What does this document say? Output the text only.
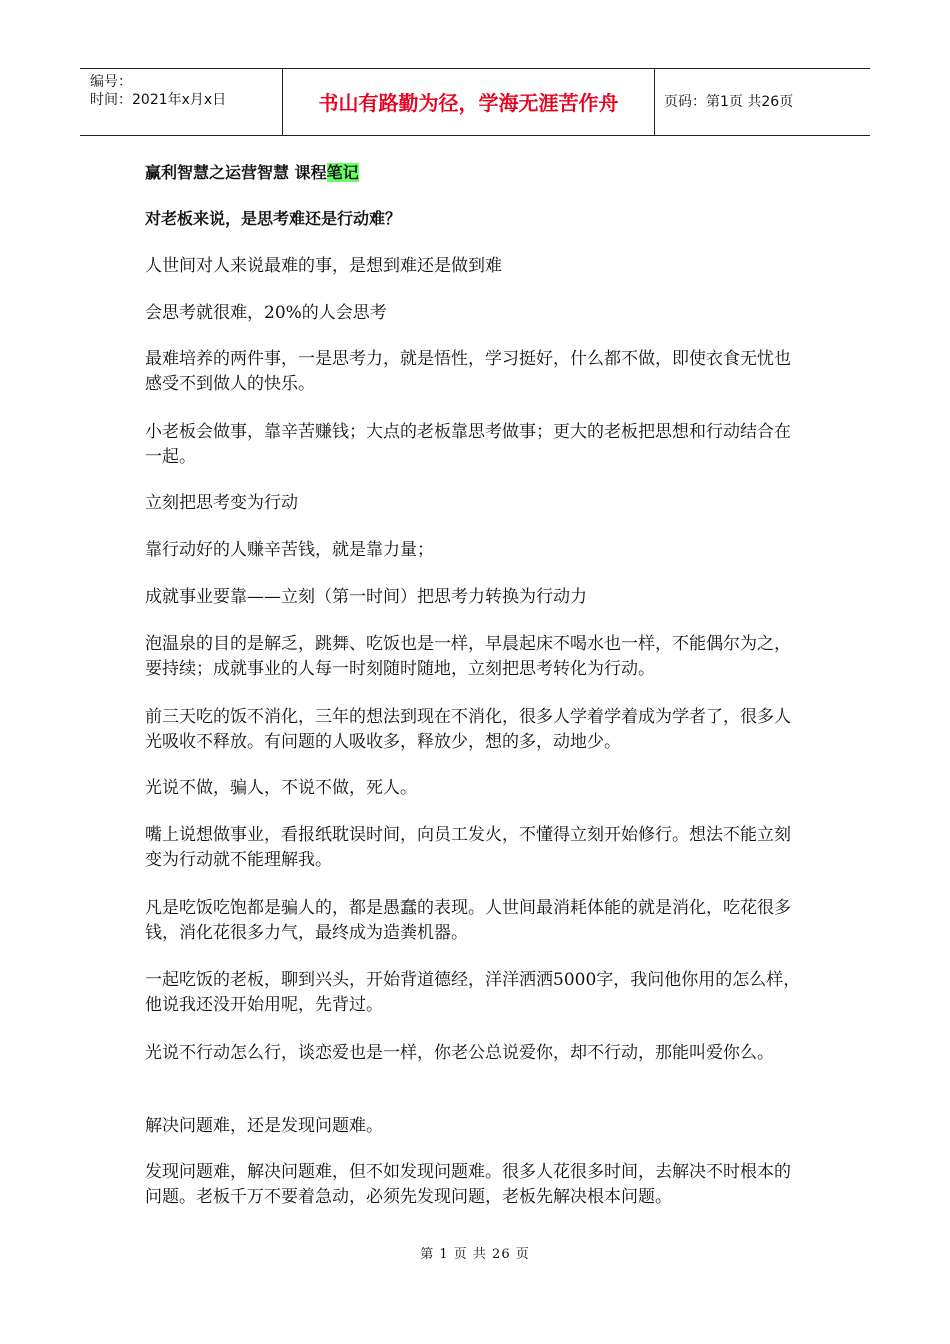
编号：
时间：2021年x月x日	书山有路勤为径，学海无涯苦作舟	页码：第1页 共26页

赢利智慧之运营智慧 课程笔记

对老板来说，是思考难还是行动难？

人世间对人来说最难的事，是想到难还是做到难

会思考就很难，20%的人会思考

最难培养的两件事，一是思考力，就是悟性，学习挺好，什么都不做，即使衣食无忧也感受不到做人的快乐。

小老板会做事，靠辛苦赚钱；大点的老板靠思考做事；更大的老板把思想和行动结合在一起。

立刻把思考变为行动

靠行动好的人赚辛苦钱，就是靠力量；

成就事业要靠——立刻（第一时间）把思考力转换为行动力

泡温泉的目的是解乏，跳舞、吃饭也是一样，早晨起床不喝水也一样，不能偶尔为之，要持续；成就事业的人每一时刻随时随地，立刻把思考转化为行动。

前三天吃的饭不消化，三年的想法到现在不消化，很多人学着学着成为学者了，很多人光吸收不释放。有问题的人吸收多，释放少，想的多，动地少。

光说不做，骗人，不说不做，死人。

嘴上说想做事业，看报纸耽误时间，向员工发火，不懂得立刻开始修行。想法不能立刻变为行动就不能理解我。

凡是吃饭吃饱都是骗人的，都是愚蠢的表现。人世间最消耗体能的就是消化，吃花很多钱，消化花很多力气，最终成为造粪机器。

一起吃饭的老板，聊到兴头，开始背道德经，洋洋洒洒5000字，我问他你用的怎么样，他说我还没开始用呢，先背过。

光说不行动怎么行，谈恋爱也是一样，你老公总说爱你，却不行动，那能叫爱你么。

解决问题难，还是发现问题难。

发现问题难，解决问题难，但不如发现问题难。很多人花很多时间，去解决不时根本的问题。老板千万不要着急动，必须先发现问题，老板先解决根本问题。

第 1 页 共 26 页
